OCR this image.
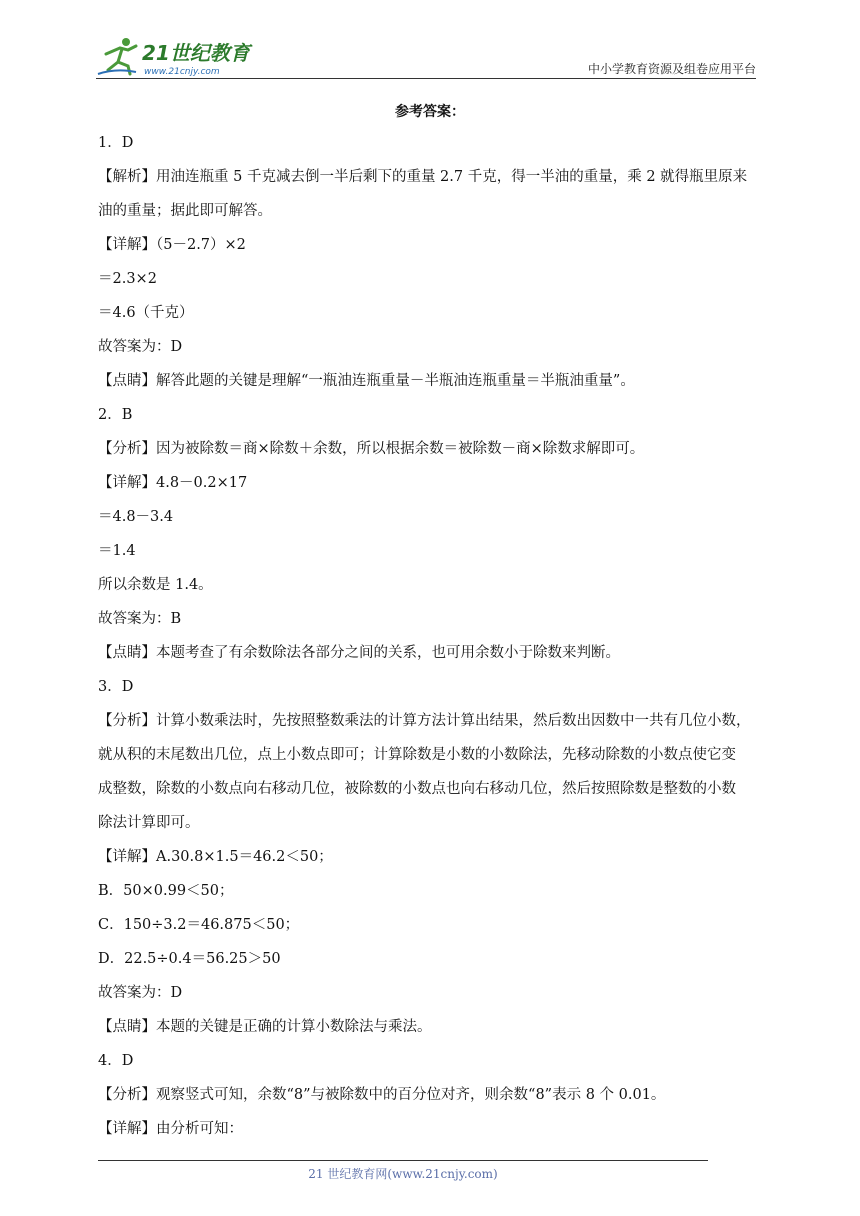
21世纪教育
www.21cnjy.com	中小学教育资源及组卷应用平台
参考答案：

1．D

【解析】用油连瓶重 5 千克减去倒一半后剩下的重量 2.7 千克，得一半油的重量，乘 2 就得瓶里原来

油的重量；据此即可解答。

【详解】（5－2.7）×2

＝2.3×2

＝4.6（千克）

故答案为：D

【点睛】解答此题的关键是理解“一瓶油连瓶重量－半瓶油连瓶重量＝半瓶油重量”。

2．B

【分析】因为被除数＝商×除数＋余数，所以根据余数＝被除数－商×除数求解即可。

【详解】4.8－0.2×17

＝4.8－3.4

＝1.4

所以余数是 1.4。

故答案为：B

【点睛】本题考查了有余数除法各部分之间的关系，也可用余数小于除数来判断。

3．D

【分析】计算小数乘法时，先按照整数乘法的计算方法计算出结果，然后数出因数中一共有几位小数，

就从积的末尾数出几位，点上小数点即可；计算除数是小数的小数除法，先移动除数的小数点使它变

成整数，除数的小数点向右移动几位，被除数的小数点也向右移动几位，然后按照除数是整数的小数

除法计算即可。

【详解】A.30.8×1.5＝46.2＜50；

B．50×0.99＜50；

C．150÷3.2＝46.875＜50；

D．22.5÷0.4＝56.25＞50

故答案为：D

【点睛】本题的关键是正确的计算小数除法与乘法。

4．D

【分析】观察竖式可知，余数“8”与被除数中的百分位对齐，则余数“8”表示 8 个 0.01。

【详解】由分析可知：

21 世纪教育网(www.21cnjy.com)
